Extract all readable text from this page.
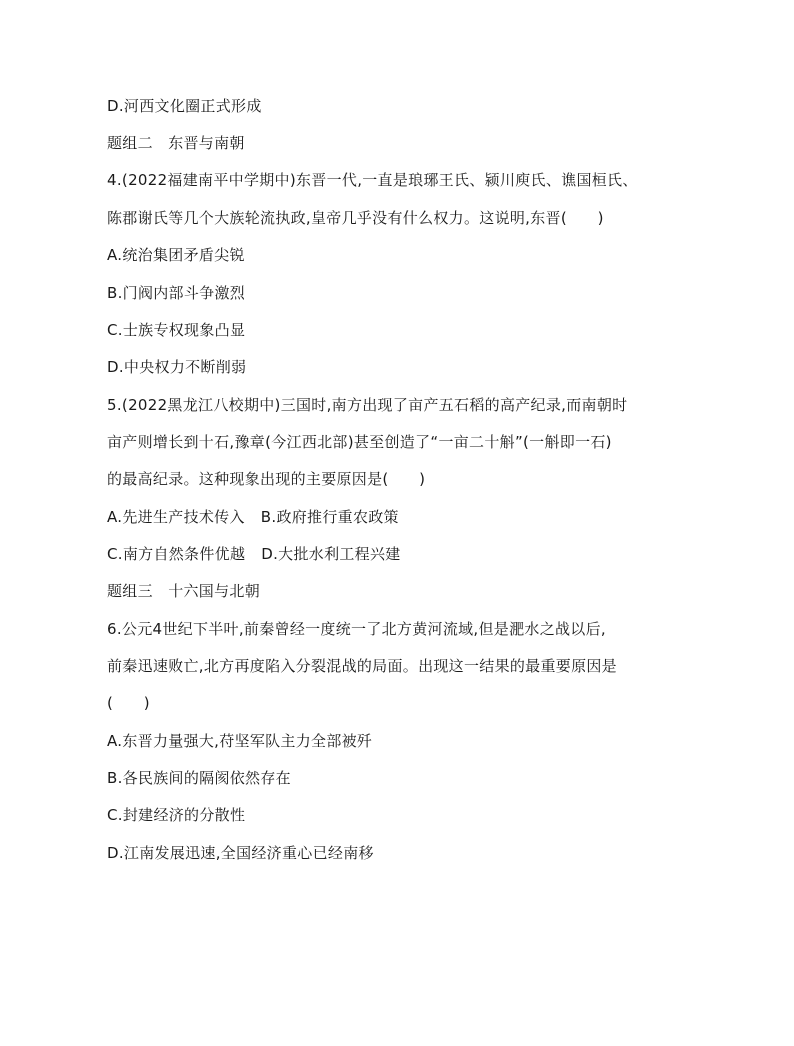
D.河西文化圈正式形成
题组二　东晋与南朝
4.(2022福建南平中学期中)东晋一代,一直是琅琊王氏、颍川庾氏、谯国桓氏、
陈郡谢氏等几个大族轮流执政,皇帝几乎没有什么权力。这说明,东晋(　　)
A.统治集团矛盾尖锐
B.门阀内部斗争激烈
C.士族专权现象凸显
D.中央权力不断削弱
5.(2022黑龙江八校期中)三国时,南方出现了亩产五石稻的高产纪录,而南朝时
亩产则增长到十石,豫章(今江西北部)甚至创造了“一亩二十斛”(一斛即一石)
的最高纪录。这种现象出现的主要原因是(　　)
A.先进生产技术传入 B.政府推行重农政策
C.南方自然条件优越 D.大批水利工程兴建
题组三　十六国与北朝
6.公元4世纪下半叶,前秦曾经一度统一了北方黄河流域,但是淝水之战以后,
前秦迅速败亡,北方再度陷入分裂混战的局面。出现这一结果的最重要原因是
(　　)
A.东晋力量强大,苻坚军队主力全部被歼
B.各民族间的隔阂依然存在
C.封建经济的分散性
D.江南发展迅速,全国经济重心已经南移
